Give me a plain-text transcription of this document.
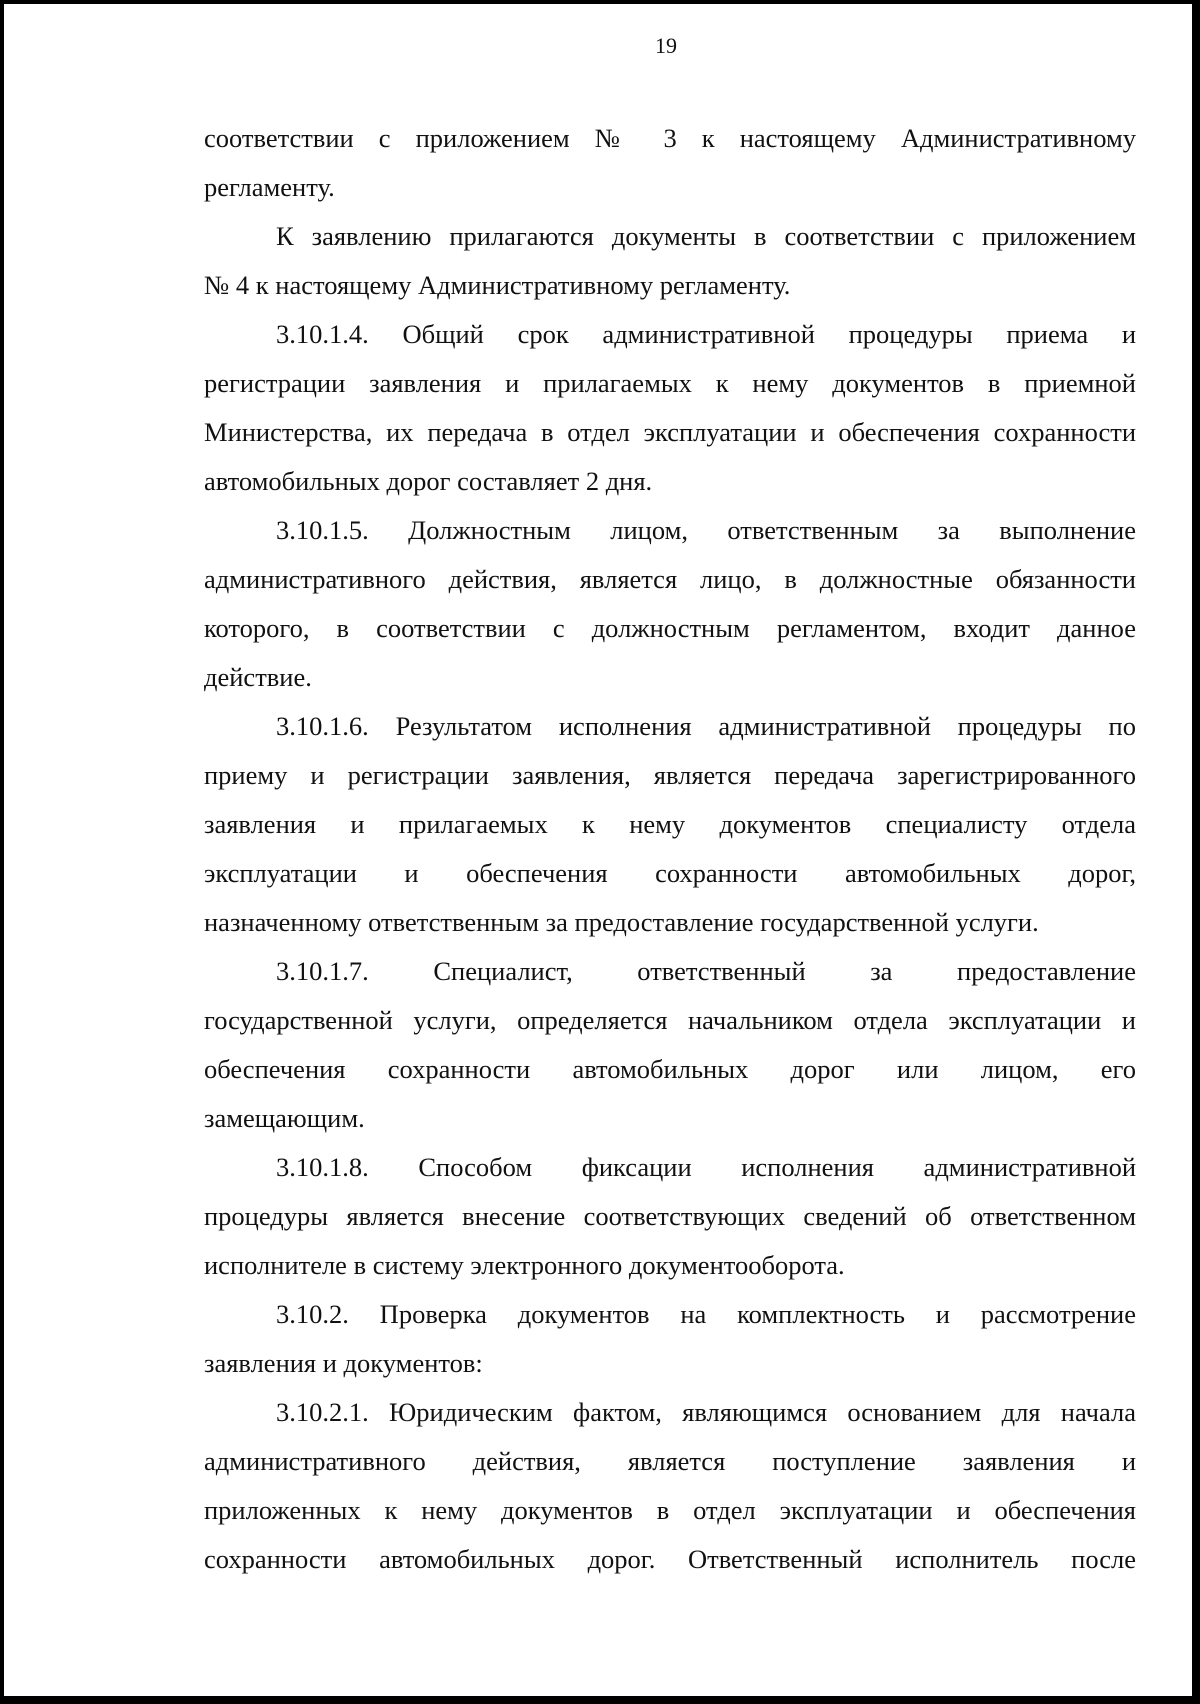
19

соответствии с приложением № 3 к настоящему Административному

регламенту.

К заявлению прилагаются документы в соответствии с приложением

№ 4 к настоящему Административному регламенту.

3.10.1.4. Общий срок административной процедуры приема и

регистрации заявления и прилагаемых к нему документов в приемной

Министерства, их передача в отдел эксплуатации и обеспечения сохранности

автомобильных дорог составляет 2 дня.

3.10.1.5. Должностным лицом, ответственным за выполнение

административного действия, является лицо, в должностные обязанности

которого, в соответствии с должностным регламентом, входит данное

действие.

3.10.1.6. Результатом исполнения административной процедуры по

приему и регистрации заявления, является передача зарегистрированного

заявления и прилагаемых к нему документов специалисту отдела

эксплуатации и обеспечения сохранности автомобильных дорог,

назначенному ответственным за предоставление государственной услуги.

3.10.1.7. Специалист, ответственный за предоставление

государственной услуги, определяется начальником отдела эксплуатации и

обеспечения сохранности автомобильных дорог или лицом, его

замещающим.

3.10.1.8. Способом фиксации исполнения административной

процедуры является внесение соответствующих сведений об ответственном

исполнителе в систему электронного документооборота.

3.10.2. Проверка документов на комплектность и рассмотрение

заявления и документов:

3.10.2.1. Юридическим фактом, являющимся основанием для начала

административного действия, является поступление заявления и

приложенных к нему документов в отдел эксплуатации и обеспечения

сохранности автомобильных дорог. Ответственный исполнитель после
